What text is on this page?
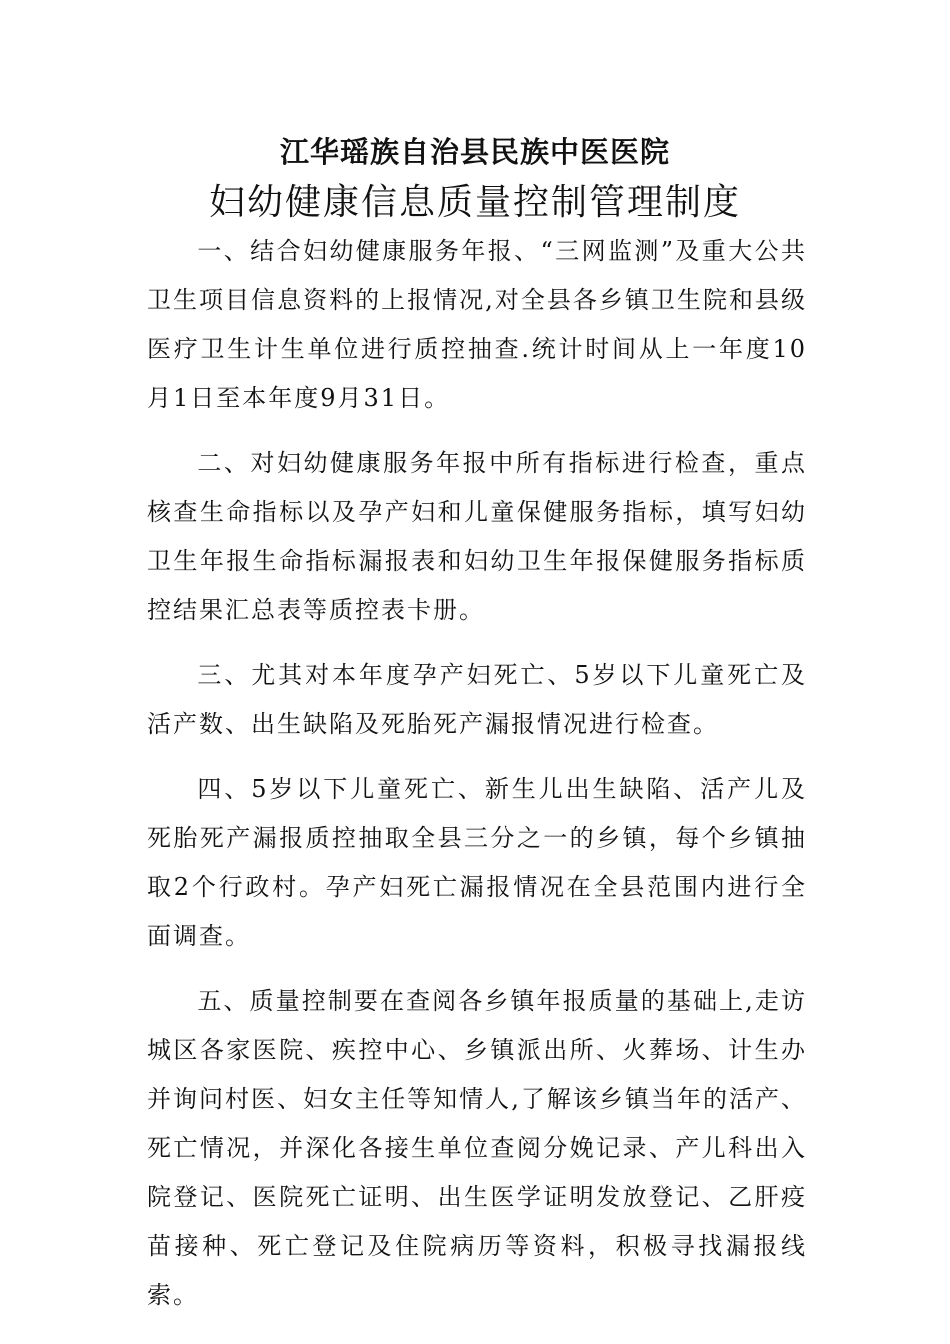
江华瑶族自治县民族中医医院
妇幼健康信息质量控制管理制度

一、结合妇幼健康服务年报、“三网监测”及重大公共卫生项目信息资料的上报情况,对全县各乡镇卫生院和县级医疗卫生计生单位进行质控抽查.统计时间从上一年度10月1日至本年度9月31日。

二、对妇幼健康服务年报中所有指标进行检查，重点核查生命指标以及孕产妇和儿童保健服务指标，填写妇幼卫生年报生命指标漏报表和妇幼卫生年报保健服务指标质控结果汇总表等质控表卡册。

三、尤其对本年度孕产妇死亡、5岁以下儿童死亡及活产数、出生缺陷及死胎死产漏报情况进行检查。

四、5岁以下儿童死亡、新生儿出生缺陷、活产儿及死胎死产漏报质控抽取全县三分之一的乡镇，每个乡镇抽取2个行政村。孕产妇死亡漏报情况在全县范围内进行全面调查。

五、质量控制要在查阅各乡镇年报质量的基础上,走访城区各家医院、疾控中心、乡镇派出所、火葬场、计生办并询问村医、妇女主任等知情人,了解该乡镇当年的活产、死亡情况，并深化各接生单位查阅分娩记录、产儿科出入院登记、医院死亡证明、出生医学证明发放登记、乙肝疫苗接种、死亡登记及住院病历等资料，积极寻找漏报线索。
